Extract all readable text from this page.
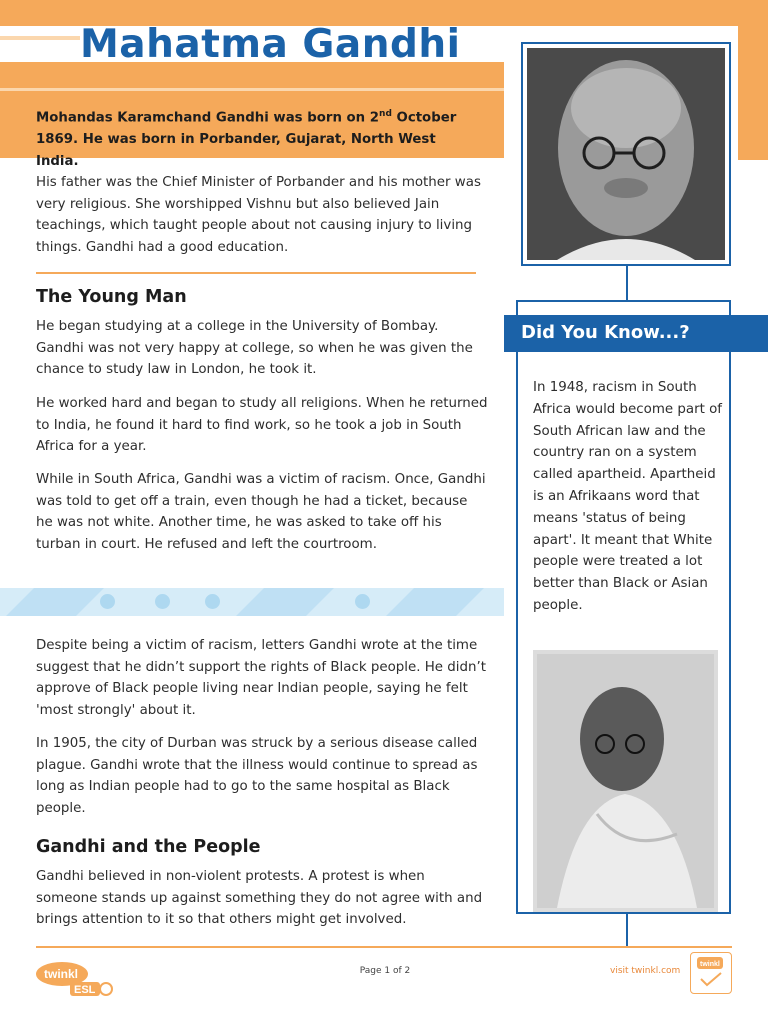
Mahatma Gandhi
Mohandas Karamchand Gandhi was born on 2nd October 1869. He was born in Porbander, Gujarat, North West India.

His father was the Chief Minister of Porbander and his mother was very religious. She worshipped Vishnu but also believed Jain teachings, which taught people about not causing injury to living things. Gandhi had a good education.

The Young Man

He began studying at a college in the University of Bombay. Gandhi was not very happy at college, so when he was given the chance to study law in London, he took it.

He worked hard and began to study all religions. When he returned to India, he found it hard to find work, so he took a job in South Africa for a year.

While in South Africa, Gandhi was a victim of racism. Once, Gandhi was told to get off a train, even though he had a ticket, because he was not white. Another time, he was asked to take off his turban in court. He refused and left the courtroom.

Despite being a victim of racism, letters Gandhi wrote at the time suggest that he didn’t support the rights of Black people. He didn’t approve of Black people living near Indian people, saying he felt 'most strongly' about it.

In 1905, the city of Durban was struck by a serious disease called plague. Gandhi wrote that the illness would continue to spread as long as Indian people had to go to the same hospital as Black people.

Gandhi and the People

Gandhi believed in non-violent protests. A protest is when someone stands up against something they do not agree with and brings attention to it so that others might get involved.

Did You Know...?

In 1948, racism in South Africa would become part of South African law and the country ran on a system called apartheid. Apartheid is an Afrikaans word that means 'status of being apart'. It meant that White people were treated a lot better than Black or Asian people.

twinkl
ESL
Page 1 of 2	visit twinkl.com
twinkl
